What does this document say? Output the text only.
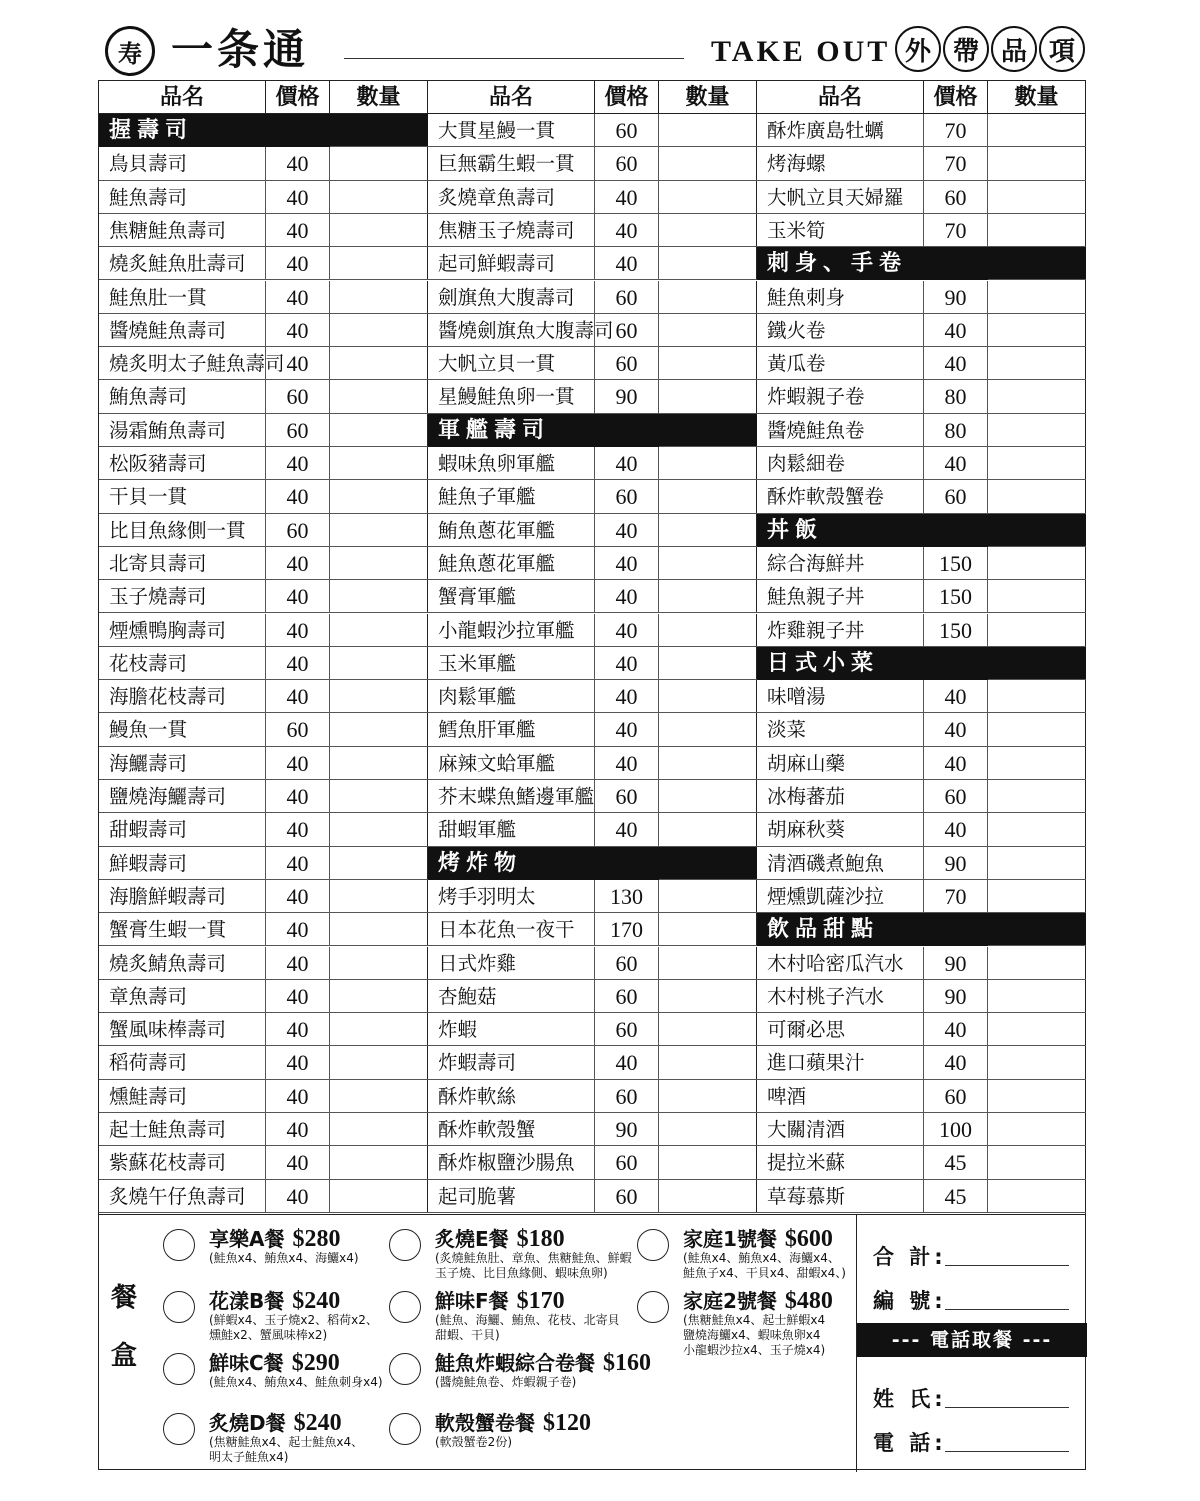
寿 一条通	TAKE OUT 外 帶 品 項
餐
盒
享樂A餐 $280
(鮭魚x4、鮪魚x4、海鱺x4)
花漾B餐 $240
(鮮蝦x4、玉子燒x2、稻荷x2、
燻鮭x2、蟹風味棒x2)
鮮味C餐 $290
(鮭魚x4、鮪魚x4、鮭魚刺身x4)
炙燒D餐 $240
(焦糖鮭魚x4、起士鮭魚x4、
明太子鮭魚x4)
炙燒E餐 $180
(炙燒鮭魚肚、章魚、焦糖鮭魚、鮮蝦
玉子燒、比目魚緣側、蝦味魚卵)
鮮味F餐 $170
(鮭魚、海鱺、鮪魚、花枝、北寄貝
甜蝦、干貝)
鮭魚炸蝦綜合卷餐 $160
(醬燒鮭魚卷、炸蝦親子卷)
軟殼蟹卷餐 $120
(軟殼蟹卷2份)
家庭1號餐 $600
(鮭魚x4、鮪魚x4、海鱺x4、
鮭魚子x4、干貝x4、甜蝦x4、)
家庭2號餐 $480
(焦糖鮭魚x4、起士鮮蝦x4
鹽燒海鱺x4、蝦味魚卵x4
小龍蝦沙拉x4、玉子燒x4)
合 計:
編 號:
--- 電話取餐 ---
姓 氏:
電 話:
品名	價格	數量
握壽司
鳥貝壽司	40
鮭魚壽司	40
焦糖鮭魚壽司	40
燒炙鮭魚肚壽司	40
鮭魚肚一貫	40
醬燒鮭魚壽司	40
燒炙明太子鮭魚壽司 40
鮪魚壽司	60
湯霜鮪魚壽司	60
松阪豬壽司	40
干貝一貫	40
比目魚緣側一貫	60
北寄貝壽司	40
玉子燒壽司	40
煙燻鴨胸壽司	40
花枝壽司	40
海膽花枝壽司	40
鰻魚一貫	60
海鱺壽司	40
鹽燒海鱺壽司	40
甜蝦壽司	40
鮮蝦壽司	40
海膽鮮蝦壽司	40
蟹膏生蝦一貫	40
燒炙鯖魚壽司	40
章魚壽司	40
蟹風味棒壽司	40
稻荷壽司	40
燻鮭壽司	40
起士鮭魚壽司	40
紫蘇花枝壽司	40
炙燒午仔魚壽司	40
品名	價格	數量
大貫星鰻一貫	60
巨無霸生蝦一貫	60
炙燒章魚壽司	40
焦糖玉子燒壽司	40
起司鮮蝦壽司	40
劍旗魚大腹壽司	60
醬燒劍旗魚大腹壽司 60
大帆立貝一貫	60
星鰻鮭魚卵一貫	90
軍艦壽司
蝦味魚卵軍艦	40
鮭魚子軍艦	60
鮪魚蔥花軍艦	40
鮭魚蔥花軍艦	40
蟹膏軍艦	40
小龍蝦沙拉軍艦	40
玉米軍艦	40
肉鬆軍艦	40
鱈魚肝軍艦	40
麻辣文蛤軍艦	40
芥末蝶魚鰭邊軍艦 60
甜蝦軍艦	40
烤炸物
烤手羽明太	130
日本花魚一夜干	170
日式炸雞	60
杏鮑菇	60
炸蝦	60
炸蝦壽司	40
酥炸軟絲	60
酥炸軟殼蟹	90
酥炸椒鹽沙腸魚	60
起司脆薯	60
品名	價格	數量
酥炸廣島牡蠣	70
烤海螺	70
大帆立貝天婦羅	60
玉米筍	70
刺身、手卷
鮭魚刺身	90
鐵火卷	40
黃瓜卷	40
炸蝦親子卷	80
醬燒鮭魚卷	80
肉鬆細卷	40
酥炸軟殼蟹卷	60
丼飯
綜合海鮮丼	150
鮭魚親子丼	150
炸雞親子丼	150
日式小菜
味噌湯	40
淡菜	40
胡麻山藥	40
冰梅蕃茄	60
胡麻秋葵	40
清酒磯煮鮑魚	90
煙燻凱薩沙拉	70
飲品甜點
木村哈密瓜汽水	90
木村桃子汽水	90
可爾必思	40
進口蘋果汁	40
啤酒	60
大關清酒	100
提拉米蘇	45
草莓慕斯	45
